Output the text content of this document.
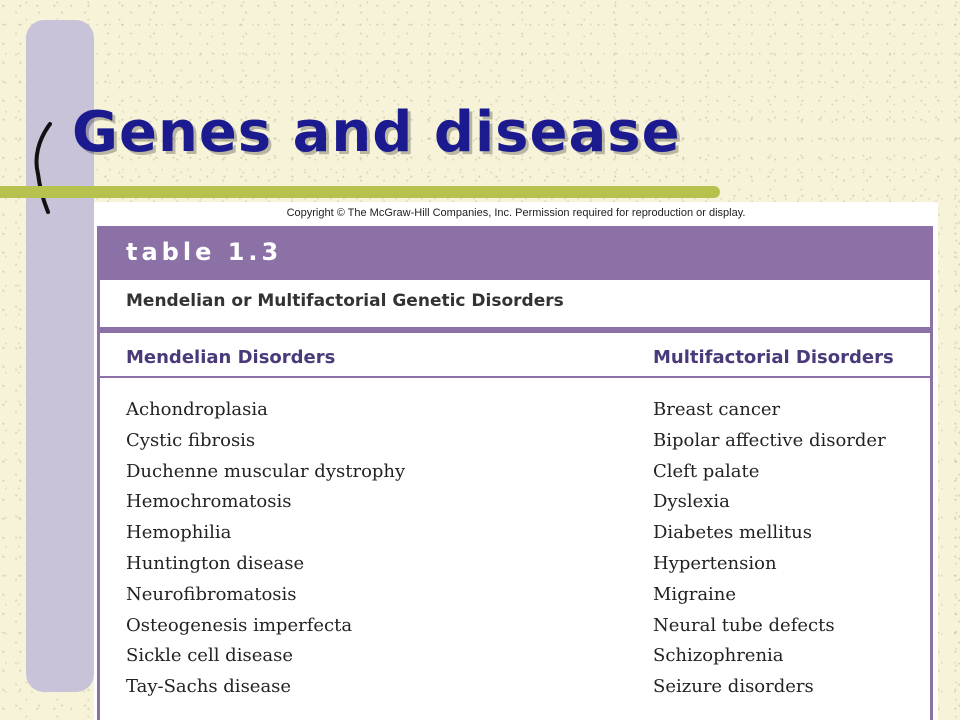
Genes and disease
Copyright © The McGraw-Hill Companies, Inc. Permission required for reproduction or display.
table 1.3
Mendelian or Multifactorial Genetic Disorders
Mendelian Disorders	Multifactorial Disorders
Achondroplasia
Cystic fibrosis
Duchenne muscular dystrophy
Hemochromatosis
Hemophilia
Huntington disease
Neurofibromatosis
Osteogenesis imperfecta
Sickle cell disease
Tay-Sachs disease
Breast cancer
Bipolar affective disorder
Cleft palate
Dyslexia
Diabetes mellitus
Hypertension
Migraine
Neural tube defects
Schizophrenia
Seizure disorders
